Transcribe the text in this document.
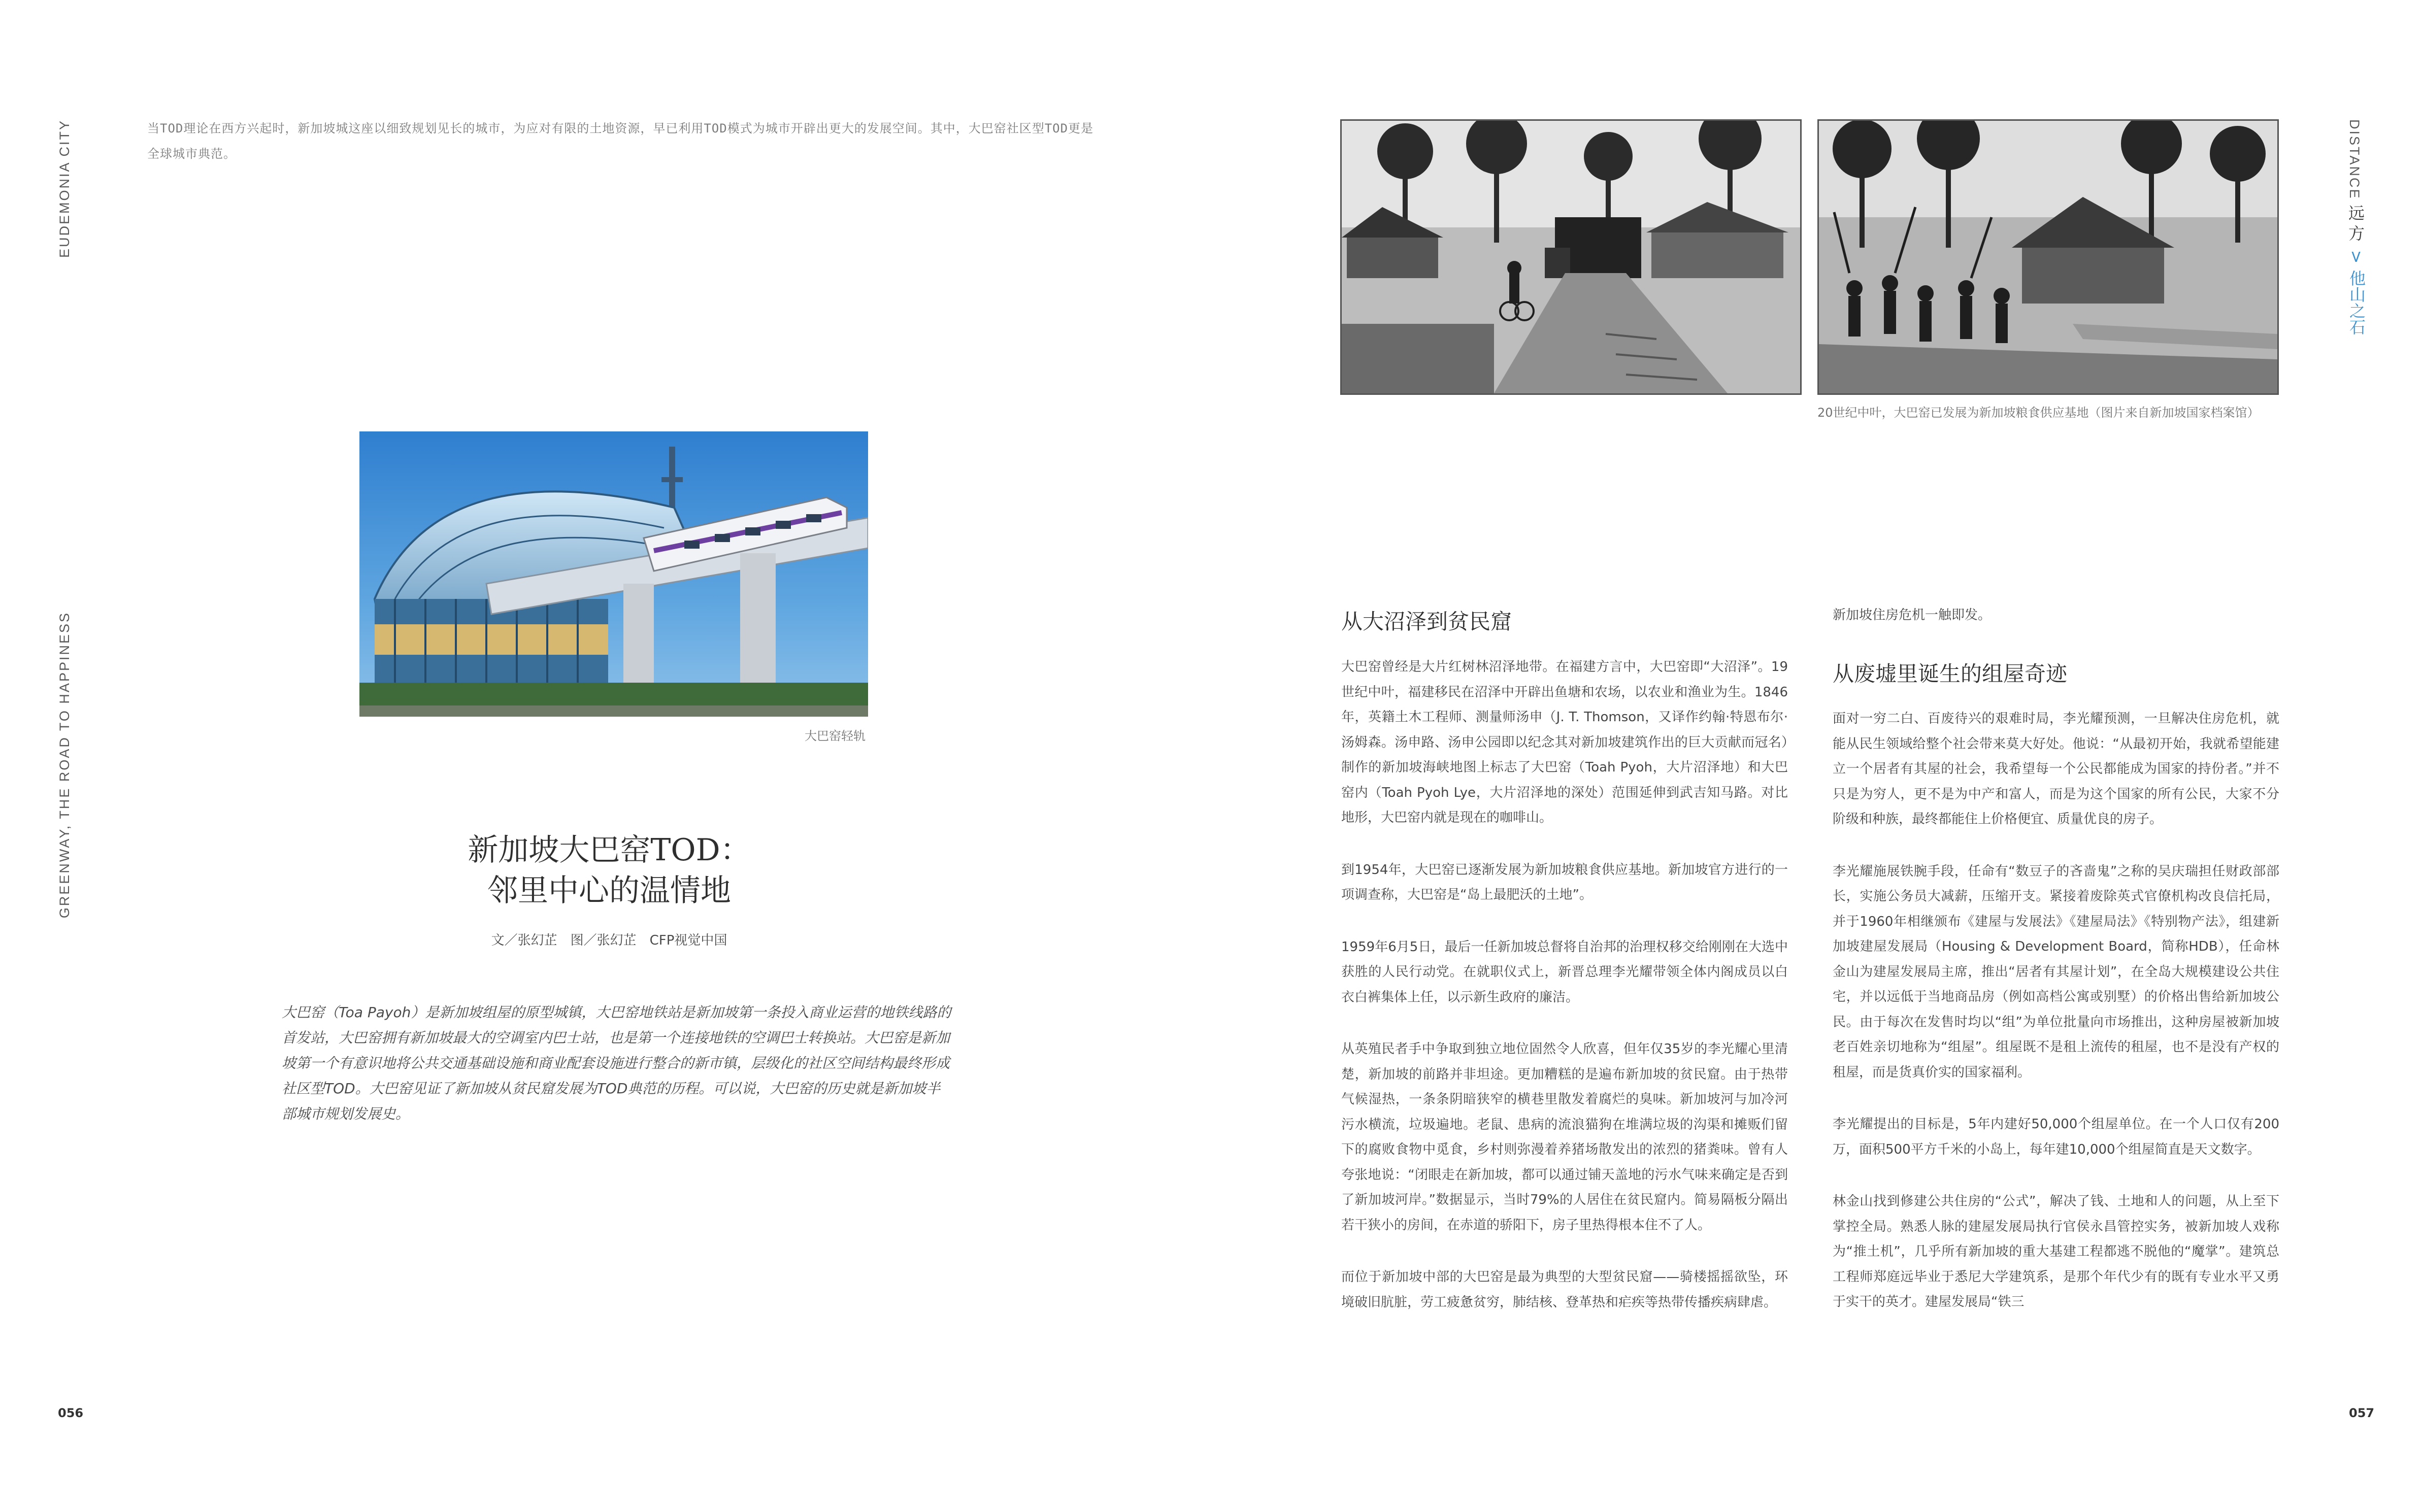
EUDEMONIA CITY
GREENWAY, THE ROAD TO HAPPINESS
当TOD理论在西方兴起时，新加坡城这座以细致规划见长的城市，为应对有限的土地资源，早已利用TOD模式为城市开辟出更大的发展空间。其中，大巴窑社区型TOD更是全球城市典范。
大巴窑轻轨
新加坡大巴窑TOD：
邻里中心的温情地
文／张幻芷　图／张幻芷　CFP视觉中国
大巴窑（Toa Payoh）是新加坡组屋的原型城镇，大巴窑地铁站是新加坡第一条投入商业运营的地铁线路的首发站，大巴窑拥有新加坡最大的空调室内巴士站，也是第一个连接地铁的空调巴士转换站。大巴窑是新加坡第一个有意识地将公共交通基础设施和商业配套设施进行整合的新市镇，层级化的社区空间结构最终形成社区型TOD。大巴窑见证了新加坡从贫民窟发展为TOD典范的历程。可以说，大巴窑的历史就是新加坡半部城市规划发展史。
056
20世纪中叶，大巴窑已发展为新加坡粮食供应基地（图片来自新加坡国家档案馆）
DISTANCE
远
方
>
他山之石
从大沼泽到贫民窟

大巴窑曾经是大片红树林沼泽地带。在福建方言中，大巴窑即“大沼泽”。19世纪中叶，福建移民在沼泽中开辟出鱼塘和农场，以农业和渔业为生。1846年，英籍土木工程师、测量师汤申（J. T. Thomson，又译作约翰·特恩布尔·汤姆森。汤申路、汤申公园即以纪念其对新加坡建筑作出的巨大贡献而冠名）制作的新加坡海峡地图上标志了大巴窑（Toah Pyoh，大片沼泽地）和大巴窑内（Toah Pyoh Lye，大片沼泽地的深处）范围延伸到武吉知马路。对比地形，大巴窑内就是现在的咖啡山。

到1954年，大巴窑已逐渐发展为新加坡粮食供应基地。新加坡官方进行的一项调查称，大巴窑是“岛上最肥沃的土地”。

1959年6月5日，最后一任新加坡总督将自治邦的治理权移交给刚刚在大选中获胜的人民行动党。在就职仪式上，新晋总理李光耀带领全体内阁成员以白衣白裤集体上任，以示新生政府的廉洁。

从英殖民者手中争取到独立地位固然令人欣喜，但年仅35岁的李光耀心里清楚，新加坡的前路并非坦途。更加糟糕的是遍布新加坡的贫民窟。由于热带气候湿热，一条条阴暗狭窄的横巷里散发着腐烂的臭味。新加坡河与加冷河污水横流，垃圾遍地。老鼠、患病的流浪猫狗在堆满垃圾的沟渠和摊贩们留下的腐败食物中觅食，乡村则弥漫着养猪场散发出的浓烈的猪粪味。曾有人夸张地说：“闭眼走在新加坡，都可以通过铺天盖地的污水气味来确定是否到了新加坡河岸。”数据显示，当时79%的人居住在贫民窟内。简易隔板分隔出若干狭小的房间，在赤道的骄阳下，房子里热得根本住不了人。

而位于新加坡中部的大巴窑是最为典型的大型贫民窟——骑楼摇摇欲坠，环境破旧肮脏，劳工疲惫贫穷，肺结核、登革热和疟疾等热带传播疾病肆虐。

新加坡住房危机一触即发。
从废墟里诞生的组屋奇迹

面对一穷二白、百废待兴的艰难时局，李光耀预测，一旦解决住房危机，就能从民生领域给整个社会带来莫大好处。他说：“从最初开始，我就希望能建立一个居者有其屋的社会，我希望每一个公民都能成为国家的持份者。”并不只是为穷人，更不是为中产和富人，而是为这个国家的所有公民，大家不分阶级和种族，最终都能住上价格便宜、质量优良的房子。

李光耀施展铁腕手段，任命有“数豆子的吝啬鬼”之称的吴庆瑞担任财政部部长，实施公务员大减薪，压缩开支。紧接着废除英式官僚机构改良信托局，并于1960年相继颁布《建屋与发展法》《建屋局法》《特别物产法》，组建新加坡建屋发展局（Housing & Development Board，简称HDB），任命林金山为建屋发展局主席，推出“居者有其屋计划”，在全岛大规模建设公共住宅，并以远低于当地商品房（例如高档公寓或别墅）的价格出售给新加坡公民。由于每次在发售时均以“组”为单位批量向市场推出，这种房屋被新加坡老百姓亲切地称为“组屋”。组屋既不是租上流传的租屋，也不是没有产权的租屋，而是货真价实的国家福利。

李光耀提出的目标是，5年内建好50,000个组屋单位。在一个人口仅有200万，面积500平方千米的小岛上，每年建10,000个组屋简直是天文数字。

林金山找到修建公共住房的“公式”，解决了钱、土地和人的问题，从上至下掌控全局。熟悉人脉的建屋发展局执行官侯永昌管控实务，被新加坡人戏称为“推土机”，几乎所有新加坡的重大基建工程都逃不脱他的“魔掌”。建筑总工程师郑庭远毕业于悉尼大学建筑系，是那个年代少有的既有专业水平又勇于实干的英才。建屋发展局“铁三

057
